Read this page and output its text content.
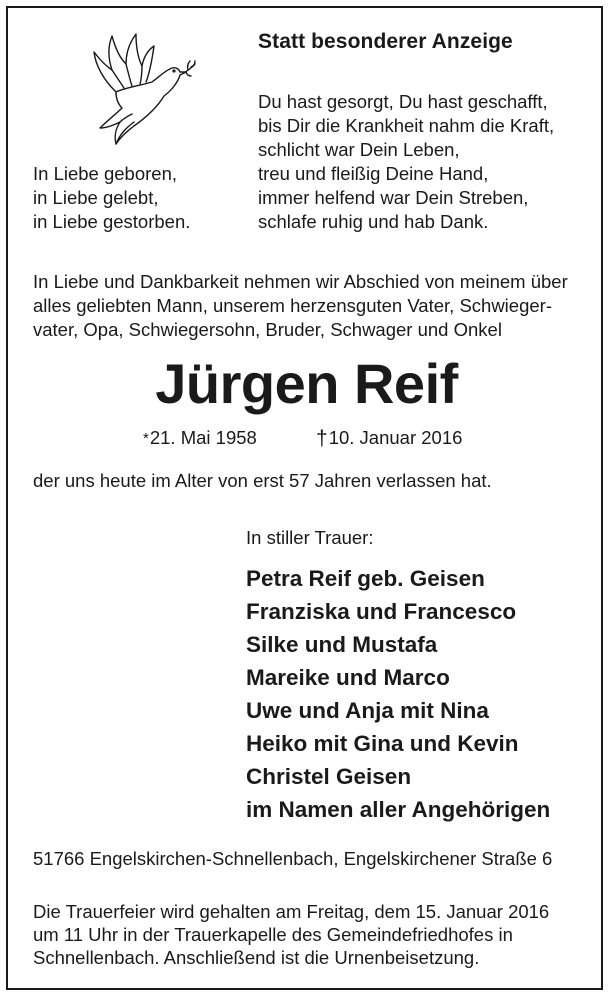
Statt besonderer Anzeige
Du hast gesorgt, Du hast geschafft,
bis Dir die Krankheit nahm die Kraft,
schlicht war Dein Leben,
treu und fleißig Deine Hand,
immer helfend war Dein Streben,
schlafe ruhig und hab Dank.
In Liebe geboren,
in Liebe gelebt,
in Liebe gestorben.
In Liebe und Dankbarkeit nehmen wir Abschied von meinem über
alles geliebten Mann, unserem herzensguten Vater, Schwieger-
vater, Opa, Schwiegersohn, Bruder, Schwager und Onkel
Jürgen Reif
*21. Mai 1958	†10. Januar 2016
der uns heute im Alter von erst 57 Jahren verlassen hat.
In stiller Trauer:
Petra Reif geb. Geisen
Franziska und Francesco
Silke und Mustafa
Mareike und Marco
Uwe und Anja mit Nina
Heiko mit Gina und Kevin
Christel Geisen
im Namen aller Angehörigen
51766 Engelskirchen-Schnellenbach, Engelskirchener Straße 6
Die Trauerfeier wird gehalten am Freitag, dem 15. Januar 2016
um 11 Uhr in der Trauerkapelle des Gemeindefriedhofes in
Schnellenbach. Anschließend ist die Urnenbeisetzung.
